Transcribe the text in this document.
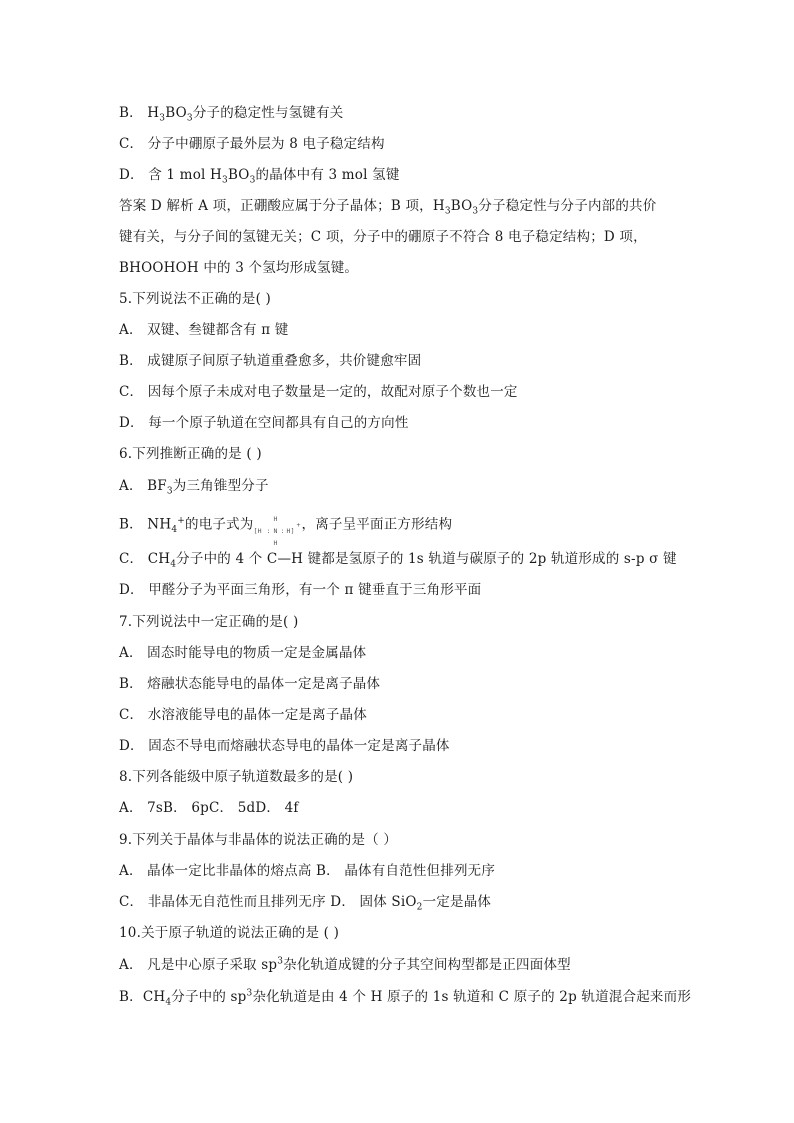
B． $H_3BO_3$分子的稳定性与氢键有关
C． 分子中硼原子最外层为 8 电子稳定结构
D． 含 1 mol $H_3BO_3$的晶体中有 3 mol 氢键
答案 D 解析 A 项，正硼酸应属于分子晶体；B 项，$H_3BO_3$分子稳定性与分子内部的共价
键有关，与分子间的氢键无关；C 项，分子中的硼原子不符合 8 电子稳定结构；D 项，
BHOOHOH 中的 3 个氢均形成氢键。
5.下列说法不正确的是( )
A． 双键、叁键都含有 π 键
B． 成键原子间原子轨道重叠愈多，共价键愈牢固
C． 因每个原子未成对电子数量是一定的，故配对原子个数也一定
D． 每一个原子轨道在空间都具有自己的方向性
6.下列推断正确的是 ( )
A． $BF_3$为三角锥型分子
B． $NH_4^+$的电子式为	H
[H : N : H]
+
H
，离子呈平面正方形结构
C． $CH_4$分子中的 4 个 C—H 键都是氢原子的 1s 轨道与碳原子的 2p 轨道形成的 s-p σ 键
D． 甲醛分子为平面三角形，有一个 π 键垂直于三角形平面
7.下列说法中一定正确的是( )
A． 固态时能导电的物质一定是金属晶体
B． 熔融状态能导电的晶体一定是离子晶体
C． 水溶液能导电的晶体一定是离子晶体
D． 固态不导电而熔融状态导电的晶体一定是离子晶体
8.下列各能级中原子轨道数最多的是( )
A． 7sB． 6pC． 5dD． 4f
9.下列关于晶体与非晶体的说法正确的是（ ）
A． 晶体一定比非晶体的熔点高 B． 晶体有自范性但排列无序
C． 非晶体无自范性而且排列无序 D． 固体 SiO$_2$一定是晶体
10.关于原子轨道的说法正确的是 ( )
A． 凡是中心原子采取 $sp^3$杂化轨道成键的分子其空间构型都是正四面体型
B．$CH_4$分子中的 $sp^3$杂化轨道是由 4 个 H 原子的 1s 轨道和 C 原子的 2p 轨道混合起来而形
